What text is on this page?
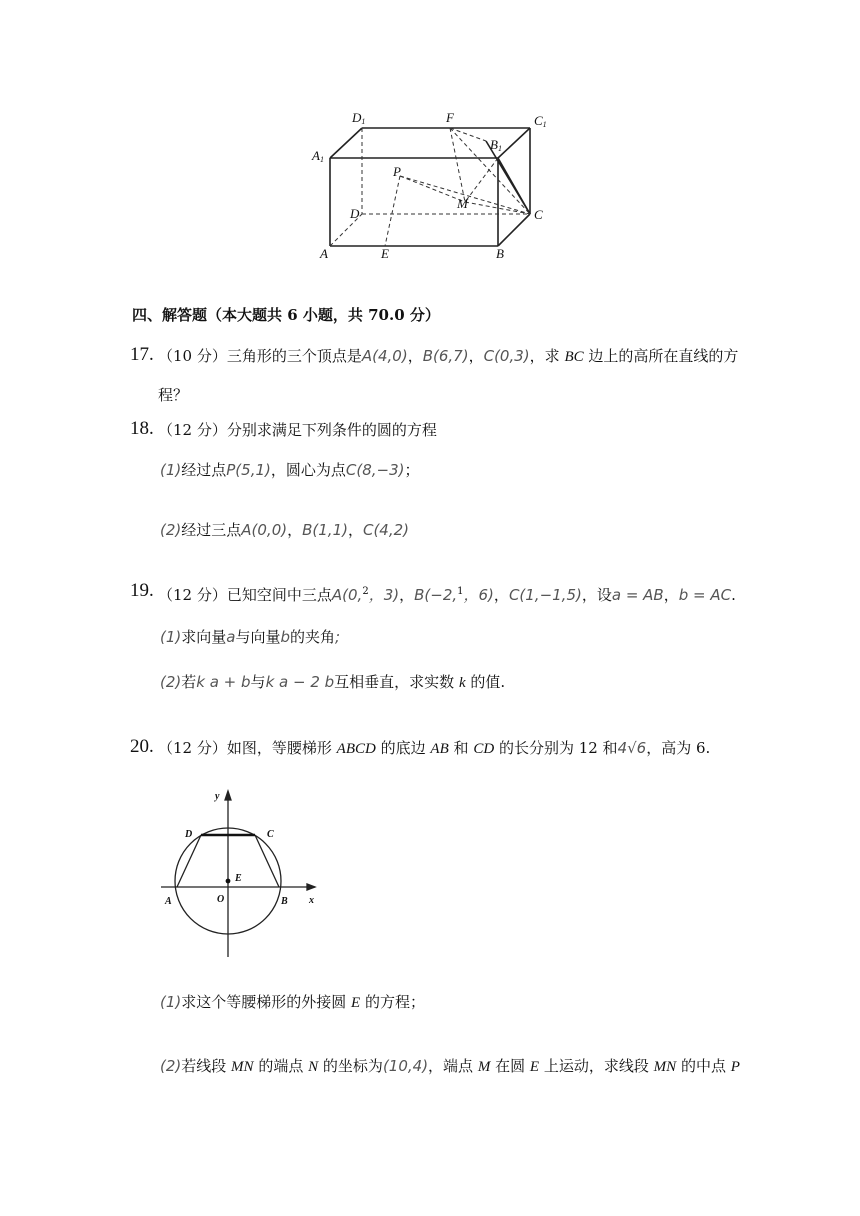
D1
A1
F	C1
B1
P
M
D	C
A	E	B
四、解答题（本大题共 6 小题，共 70.0 分）
17. （10 分）三角形的三个顶点是A(4,0)，B(6,7)，C(0,3)，求 BC 边上的高所在直线的方
程？
18. （12 分）分别求满足下列条件的圆的方程
(1)经过点P(5,1)，圆心为点C(8,−3)；
(2)经过三点A(0,0)，B(1,1)，C(4,2)
19. （12 分）已知空间中三点A(0,$^2$，3)，B(−2,$^1$，6)，C(1,−1,5)，设a = AB，b = AC.
(1)求向量a与向量b的夹角;
(2)若k a + b与k a − 2 b互相垂直，求实数 k 的值.
20. （12 分）如图，等腰梯形 ABCD 的底边 AB 和 CD 的长分别为 12 和4√6，高为 6.
y
x
D	C
E
A	O	B
(1)求这个等腰梯形的外接圆 E 的方程；
(2)若线段 MN 的端点 N 的坐标为(10,4)，端点 M 在圆 E 上运动，求线段 MN 的中点 P
